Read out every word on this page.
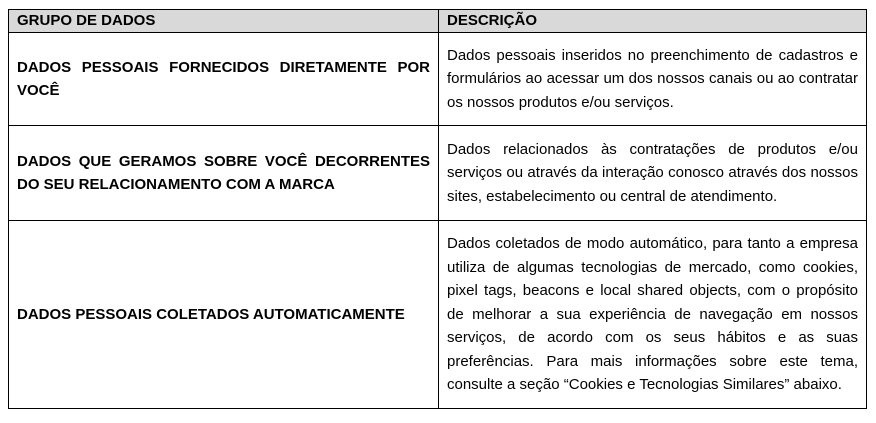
GRUPO DE DADOS	DESCRIÇÃO
DADOS PESSOAIS FORNECIDOS DIRETAMENTE POR VOCÊ	Dados pessoais inseridos no preenchimento de cadastros e formulários ao acessar um dos nossos canais ou ao contratar os nossos produtos e/ou serviços.
DADOS QUE GERAMOS SOBRE VOCÊ DECORRENTES DO SEU RELACIONAMENTO COM A MARCA	Dados relacionados às contratações de produtos e/ou serviços ou através da interação conosco através dos nossos sites, estabelecimento ou central de atendimento.
DADOS PESSOAIS COLETADOS AUTOMATICAMENTE	Dados coletados de modo automático, para tanto a empresa utiliza de algumas tecnologias de mercado, como cookies, pixel tags, beacons e local shared objects, com o propósito de melhorar a sua experiência de navegação em nossos serviços, de acordo com os seus hábitos e as suas preferências. Para mais informações sobre este tema, consulte a seção “Cookies e Tecnologias Similares” abaixo.
